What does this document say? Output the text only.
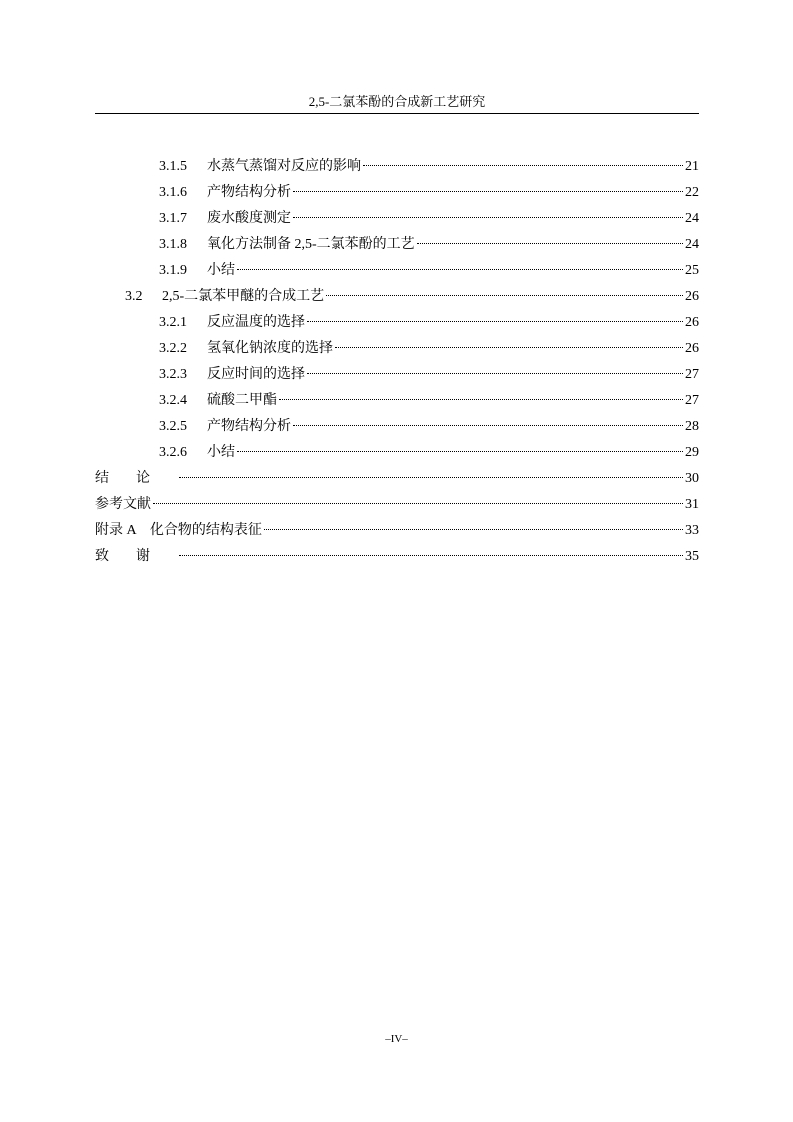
2,5-二氯苯酚的合成新工艺研究
3.1.5	水蒸气蒸馏对反应的影响	21
3.1.6	产物结构分析	22
3.1.7	废水酸度测定	24
3.1.8	氧化方法制备 2,5-二氯苯酚的工艺	24
3.1.9	小结	25
3.2	2,5-二氯苯甲醚的合成工艺	26
3.2.1	反应温度的选择	26
3.2.2	氢氧化钠浓度的选择	26
3.2.3	反应时间的选择	27
3.2.4	硫酸二甲酯	27
3.2.5	产物结构分析	28
3.2.6	小结	29
结论	30
参考文献	31
附录 A　化合物的结构表征	33
致谢	35
–IV–
